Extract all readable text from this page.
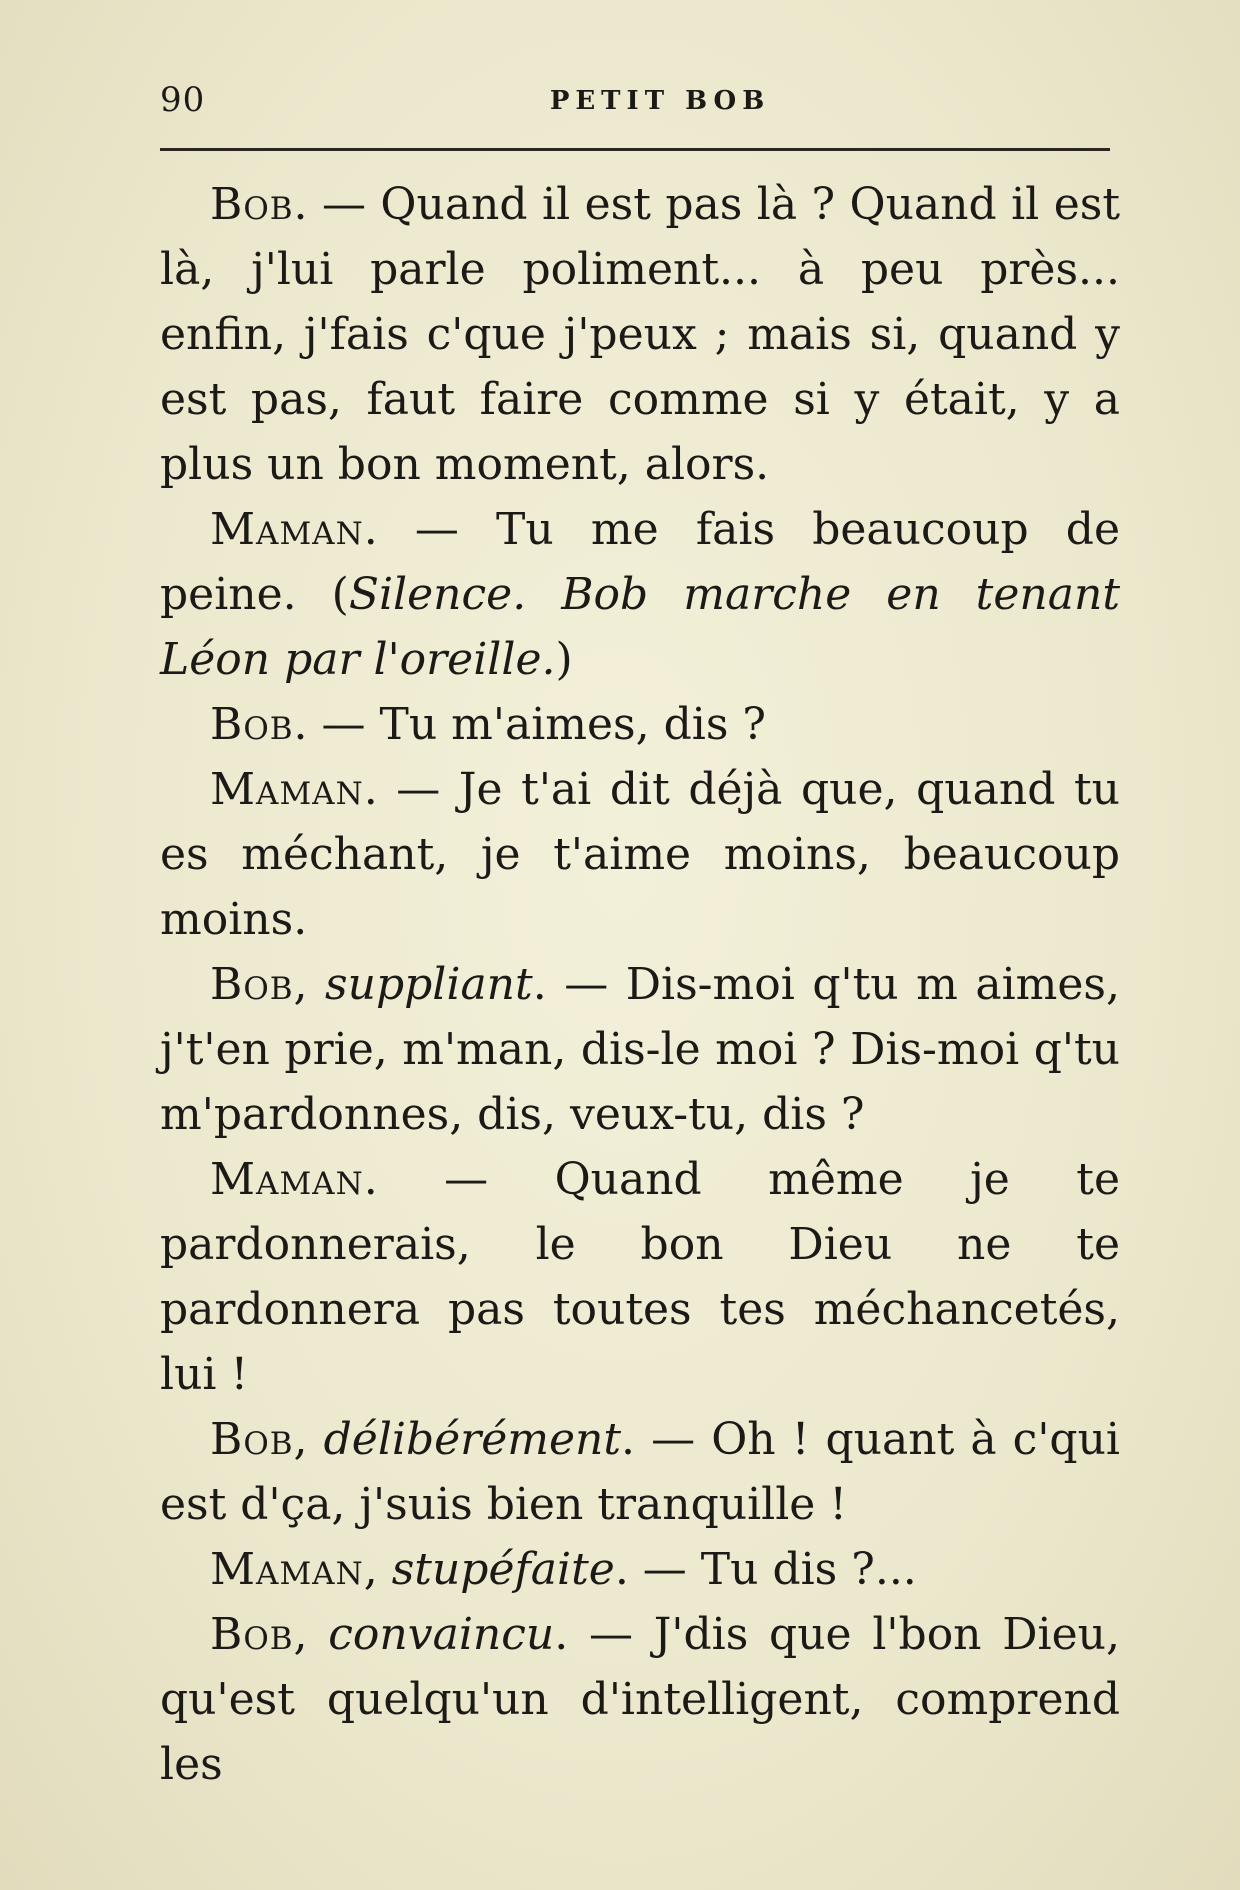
90	PETIT BOB

Bob. — Quand il est pas là ? Quand il est là, j'lui parle poliment... à peu près... enfin, j'fais c'que j'peux ; mais si, quand y est pas, faut faire comme si y était, y a plus un bon moment, alors.

Maman. — Tu me fais beaucoup de peine. (Silence. Bob marche en tenant Léon par l'oreille.)

Bob. — Tu m'aimes, dis ?

Maman. — Je t'ai dit déjà que, quand tu es méchant, je t'aime moins, beaucoup moins.

Bob, suppliant. — Dis-moi q'tu m aimes, j't'en prie, m'man, dis-le moi ? Dis-moi q'tu m'pardonnes, dis, veux-tu, dis ?

Maman. — Quand même je te pardonnerais, le bon Dieu ne te pardonnera pas toutes tes méchancetés, lui !

Bob, délibérément. — Oh ! quant à c'qui est d'ça, j'suis bien tranquille !

Maman, stupéfaite. — Tu dis ?...

Bob, convaincu. — J'dis que l'bon Dieu, qu'est quelqu'un d'intelligent, comprend les
